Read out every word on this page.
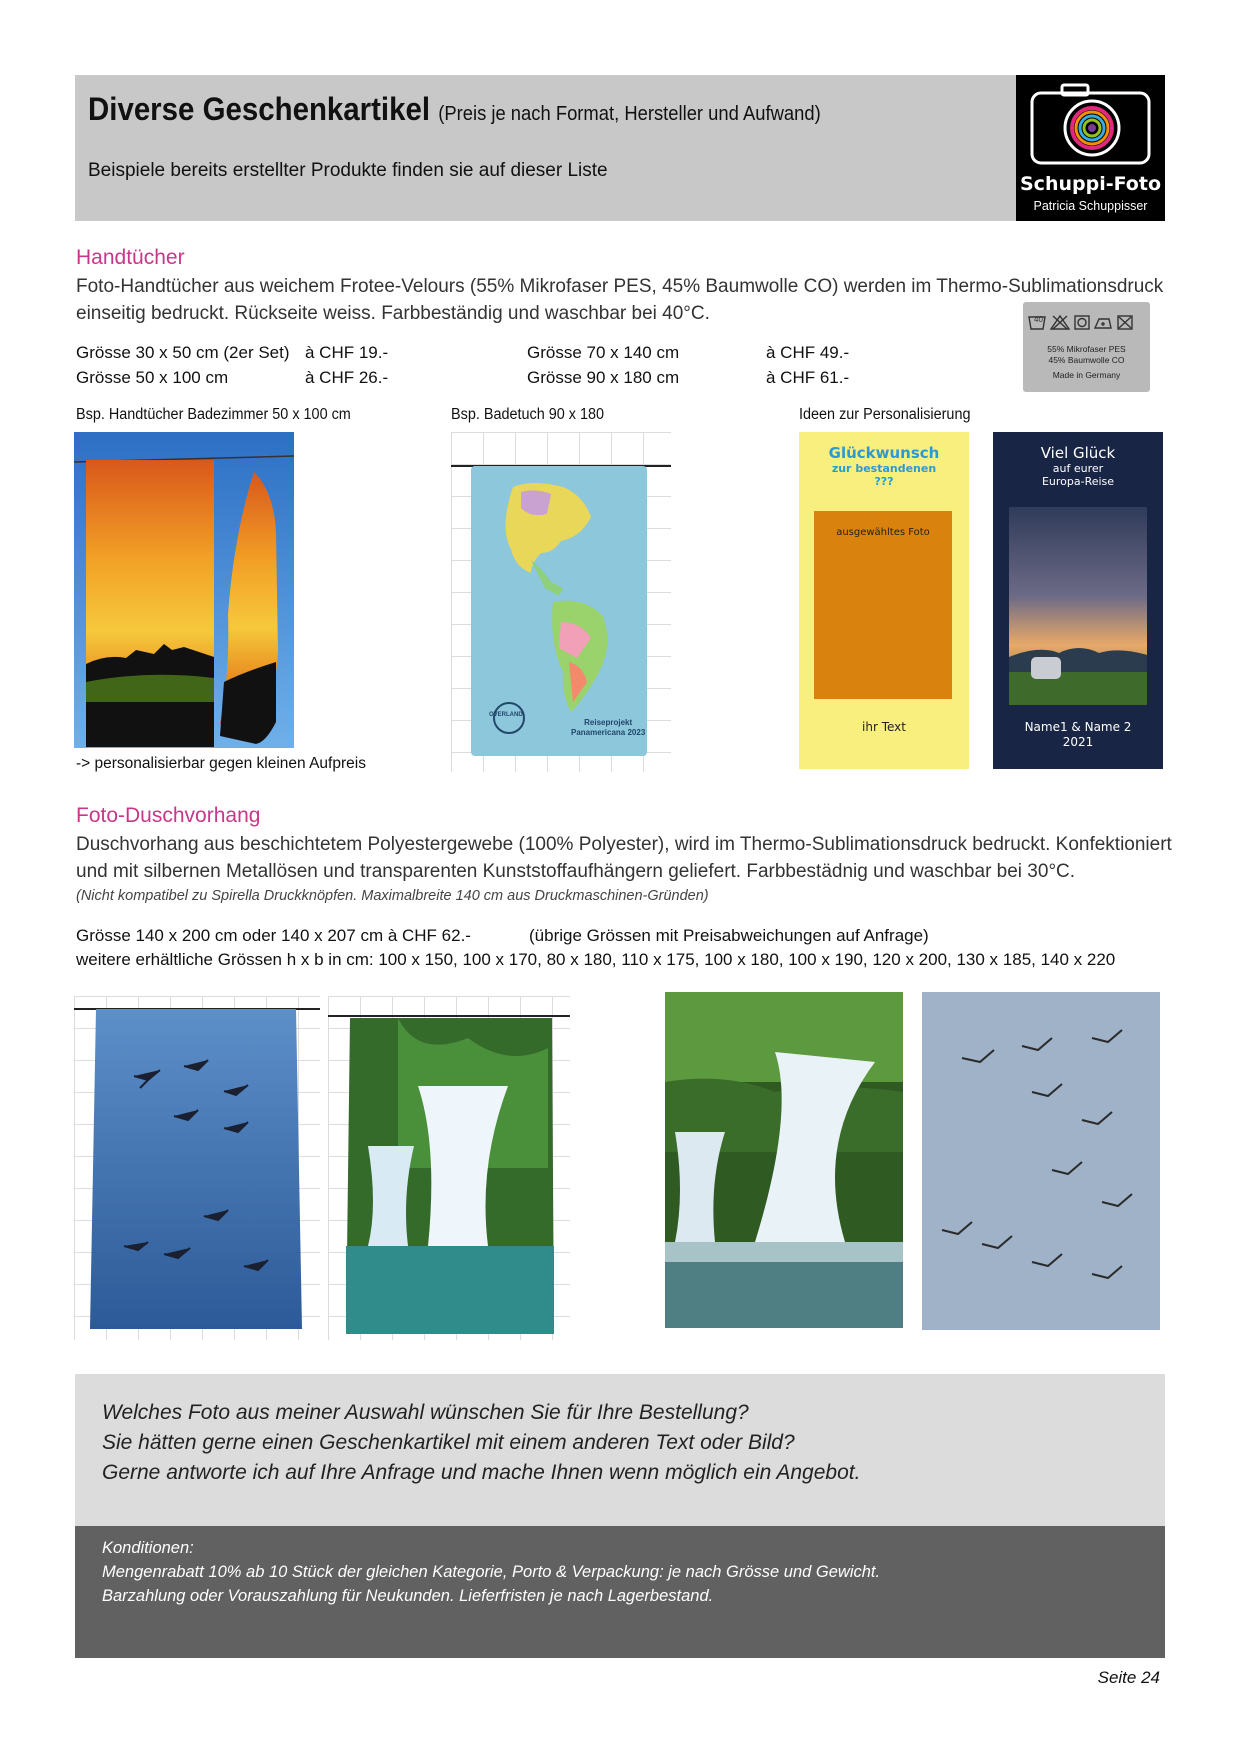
Diverse Geschenkartikel (Preis je nach Format, Hersteller und Aufwand)
Beispiele bereits erstellter Produkte finden sie auf dieser Liste
Schuppi-Foto
Patricia Schuppisser
Handtücher
Foto-Handtücher aus weichem Frotee-Velours (55% Mikrofaser PES, 45% Baumwolle CO) werden im Thermo-Sublimationsdruck einseitig bedruckt. Rückseite weiss. Farbbeständig und waschbar bei 40°C.	40
55% Mikrofaser PES
45% Baumwolle CO
Made in Germany
Grösse 30 x 50 cm (2er Set) à CHF 19.-
Grösse 50 x 100 cm	à CHF 26.-
Grösse 70 x 140 cm	à CHF 49.-
Grösse 90 x 180 cm	à CHF 61.-
Bsp. Handtücher Badezimmer 50 x 100 cm	Bsp. Badetuch 90 x 180	Ideen zur Personalisierung
-> personalisierbar gegen kleinen Aufpreis
OVERLAND
Reiseprojekt
Panamericana 2023
Glückwunsch
zur bestandenen
???
ausgewähltes Foto
ihr Text
Viel Glück
auf eurer
Europa-Reise
Name1 & Name 2
2021
Foto-Duschvorhang
Duschvorhang aus beschichtetem Polyestergewebe (100% Polyester), wird im Thermo-Sublimationsdruck bedruckt. Konfektioniert und mit silbernen Metallösen und transparenten Kunststoffaufhängern geliefert. Farbbestädnig und waschbar bei 30°C.
(Nicht kompatibel zu Spirella Druckknöpfen. Maximalbreite 140 cm aus Druckmaschinen-Gründen)
Grösse 140 x 200 cm oder 140 x 207 cm à CHF 62.-	(übrige Grössen mit Preisabweichungen auf Anfrage)
weitere erhältliche Grössen h x b in cm: 100 x 150, 100 x 170, 80 x 180, 110 x 175, 100 x 180, 100 x 190, 120 x 200, 130 x 185, 140 x 220
Welches Foto aus meiner Auswahl wünschen Sie für Ihre Bestellung?
Sie hätten gerne einen Geschenkartikel mit einem anderen Text oder Bild?
Gerne antworte ich auf Ihre Anfrage und mache Ihnen wenn möglich ein Angebot.
Konditionen:
Mengenrabatt 10% ab 10 Stück der gleichen Kategorie, Porto & Verpackung: je nach Grösse und Gewicht.
Barzahlung oder Vorauszahlung für Neukunden. Lieferfristen je nach Lagerbestand.
Seite 24
